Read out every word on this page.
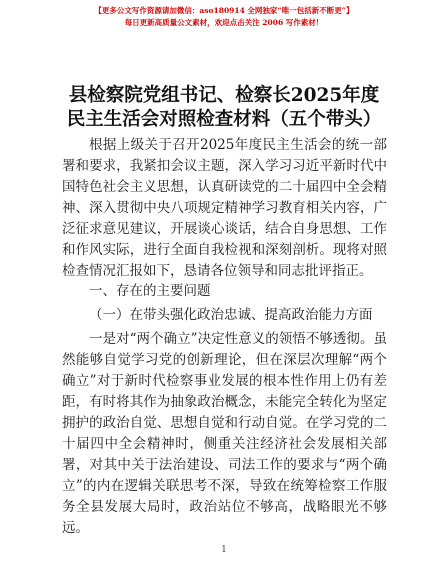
【更多公文写作资源请加微信：aso180914 全网独家“唯一包括新不断更”】
每日更新高质量公文素材，欢迎点击关注 2006 写作素材！
县检察院党组书记、检察长2025年度民主生活会对照检查材料（五个带头）
根据上级关于召开2025年度民主生活会的统一部署和要求，我紧扣会议主题，深入学习习近平新时代中国特色社会主义思想，认真研读党的二十届四中全会精神、深入贯彻中央八项规定精神学习教育相关内容，广泛征求意见建议，开展谈心谈话，结合自身思想、工作和作风实际，进行全面自我检视和深刻剖析。现将对照检查情况汇报如下，恳请各位领导和同志批评指正。
一、存在的主要问题
（一）在带头强化政治忠诚、提高政治能力方面
一是对“两个确立”决定性意义的领悟不够透彻。虽然能够自觉学习党的创新理论，但在深层次理解“两个确立”对于新时代检察事业发展的根本性作用上仍有差距，有时将其作为抽象政治概念，未能完全转化为坚定拥护的政治自觉、思想自觉和行动自觉。在学习党的二十届四中全会精神时，侧重关注经济社会发展相关部署，对其中关于法治建设、司法工作的要求与“两个确立”的内在逻辑关联思考不深，导致在统筹检察工作服务全县发展大局时，政治站位不够高，战略眼光不够远。
1
